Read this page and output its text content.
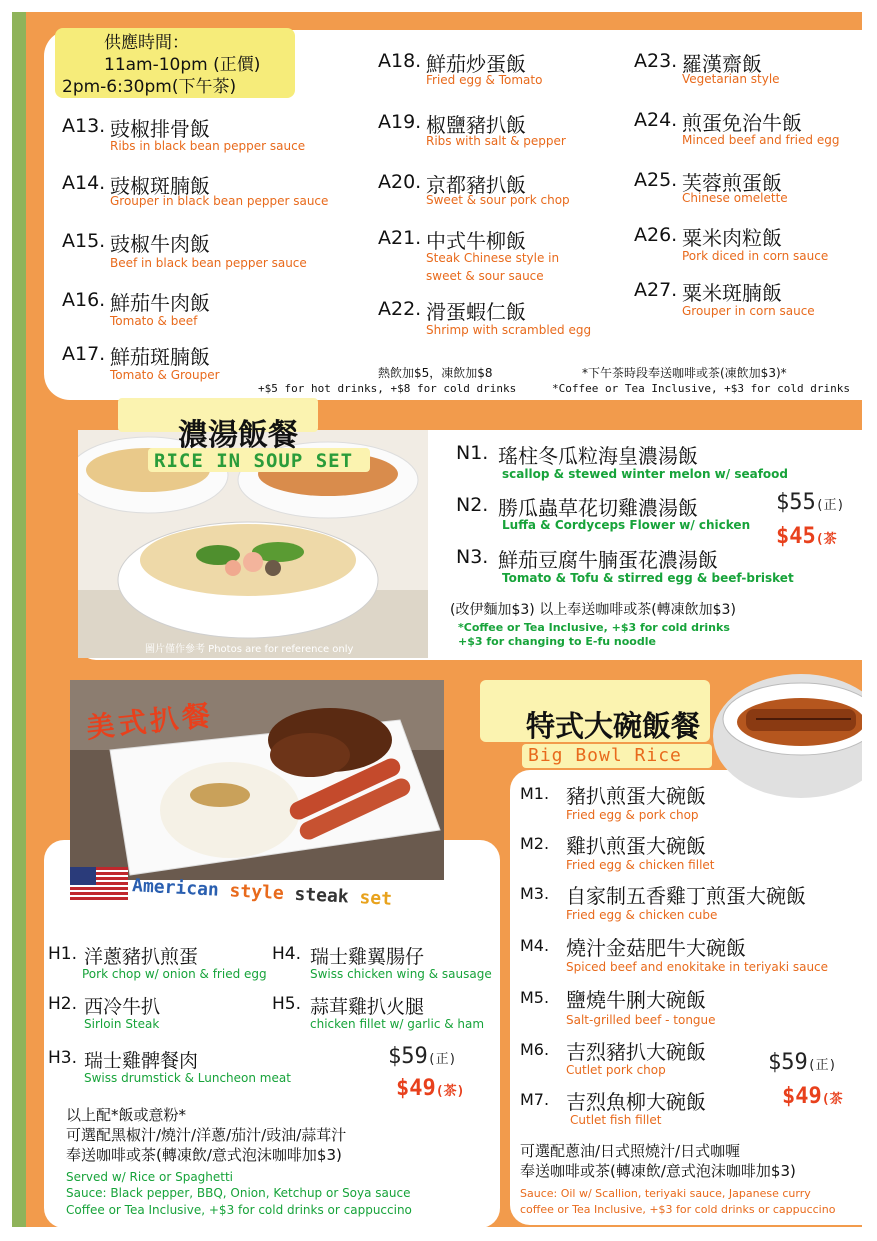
供應時間：
11am-10pm (正價)
2pm-6:30pm(下午茶)
A13. 豉椒排骨飯
Ribs in black bean pepper sauce
A14. 豉椒斑腩飯
Grouper in black bean pepper sauce
A15. 豉椒牛肉飯
Beef in black bean pepper sauce
A16. 鮮茄牛肉飯
Tomato & beef
A17. 鮮茄斑腩飯
Tomato & Grouper
A18. 鮮茄炒蛋飯
Fried egg & Tomato
A19. 椒鹽豬扒飯
Ribs with salt & pepper
A20. 京都豬扒飯
Sweet & sour pork chop
A21. 中式牛柳飯
Steak Chinese style in
sweet & sour sauce
A22. 滑蛋蝦仁飯
Shrimp with scrambled egg
A23. 羅漢齋飯
Vegetarian style
A24. 煎蛋免治牛飯
Minced beef and fried egg
A25. 芙蓉煎蛋飯
Chinese omelette
A26. 粟米肉粒飯
Pork diced in corn sauce
A27. 粟米斑腩飯
Grouper in corn sauce
熱飲加$5，凍飲加$8
+$5 for hot drinks, +$8 for cold drinks
*下午茶時段奉送咖啡或茶(凍飲加$3)*
*Coffee or Tea Inclusive, +$3 for cold drinks
圖片僅作參考 Photos are for reference only
濃湯飯餐
RICE IN SOUP SET	N1. 瑤柱冬瓜粒海皇濃湯飯
scallop & stewed winter melon w/ seafood
N2. 勝瓜蟲草花切雞濃湯飯
Luffa & Cordyceps Flower w/ chicken
N3. 鮮茄豆腐牛腩蛋花濃湯飯
Tomato & Tofu & stirred egg & beef-brisket
$55(正)
$45(茶
(改伊麵加$3) 以上奉送咖啡或茶(轉凍飲加$3)
*Coffee or Tea Inclusive, +$3 for cold drinks
+$3 for changing to E-fu noodle
美式扒餐
American style steak set
H1. 洋蔥豬扒煎蛋
Pork chop w/ onion & fried egg
H2. 西冷牛扒
Sirloin Steak
H3. 瑞士雞髀餐肉
Swiss drumstick & Luncheon meat
H4. 瑞士雞翼腸仔
Swiss chicken wing & sausage
H5. 蒜茸雞扒火腿
chicken fillet w/ garlic & ham
$59(正)
$49(茶)
以上配*飯或意粉*
可選配黑椒汁/燒汁/洋蔥/茄汁/豉油/蒜茸汁
奉送咖啡或茶(轉凍飲/意式泡沫咖啡加$3)
Served w/ Rice or Spaghetti
Sauce: Black pepper, BBQ, Onion, Ketchup or Soya sauce
Coffee or Tea Inclusive, +$3 for cold drinks or cappuccino
特式大碗飯餐
Big Bowl Rice
M1. 豬扒煎蛋大碗飯
Fried egg & pork chop
M2. 雞扒煎蛋大碗飯
Fried egg & chicken fillet
M3. 自家制五香雞丁煎蛋大碗飯
Fried egg & chicken cube
M4. 燒汁金菇肥牛大碗飯
Spiced beef and enokitake in teriyaki sauce
M5. 鹽燒牛脷大碗飯
Salt-grilled beef - tongue
M6. 吉烈豬扒大碗飯
Cutlet pork chop
M7. 吉烈魚柳大碗飯
Cutlet fish fillet
$59(正)
$49(茶
可選配蔥油/日式照燒汁/日式咖喱
奉送咖啡或茶(轉凍飲/意式泡沫咖啡加$3)
Sauce: Oil w/ Scallion, teriyaki sauce, Japanese curry
coffee or Tea Inclusive, +$3 for cold drinks or cappuccino
